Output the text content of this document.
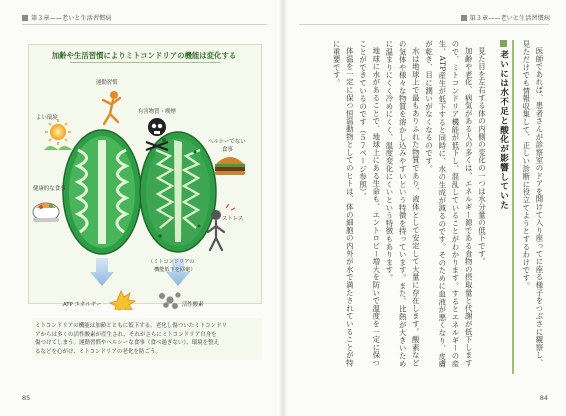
第３章——老いと生活習慣病
加齢や生活習慣によりミトコンドリアの機能は変化する
運動習慣
よい環境
健康的な食事
有害物質・喫煙
ヘルシーでない
食事
ストレス
（ミトコンドリアの
機能低下を回避）
ATP エネルギー	活性酸素
ミトコンドリアの機能は加齢とともに低下する。老化し傷ついたミトコンドリ
アからは多くの活性酸素が産生され、それがさらにミトコンドリア自身を
傷つけてしまう。運動習慣やヘルシーな食事（食べ過ぎない）、環境を整え
るなどを心がけ、ミトコンドリアの老化を防ごう。
85
第３章——老いと生活習慣病

医師であれば、患者さんが診察室のドアを開けて入り座ってに座る様子をつぶさに観察し、見ただけでも情報収集して、正しい診断に役立てようとするわけです。

老いには水不足と酸化が影響していた

見た目を左右する体の内側の変化の一つは水分量の低下です。

加齢や老化、病気がある人の多くは、エネルギー源である食物の摂取量と代謝が低下しますので、ミトコンドリア機能が低下し、混乱していることがわかります。するとエネルギーの産生、ATP産生が低下すると同時に、水の生成が減るのです。そのために血液が悪くなり、皮膚が乾き、目に潤いがなくなるのです。

水は地球上で最もありふれた物質であり、液体として安定して大量に存在します。酸素などの気体や様々な物質を溶かし込みやすいという特徴を持っています。また、比熱が大きいために温まりにくく冷めにくく、温度変化にくいという特徴もあります。

地球に水があることで、地球上にある生命も、エントロピー増大を防いで温度を一定に保つことができているのです（５７ページ参照）。

体温を一定に保つ恒温動物としてのヒトは、体の細胞の内外が水で満たされていることが特に重要です。

84
